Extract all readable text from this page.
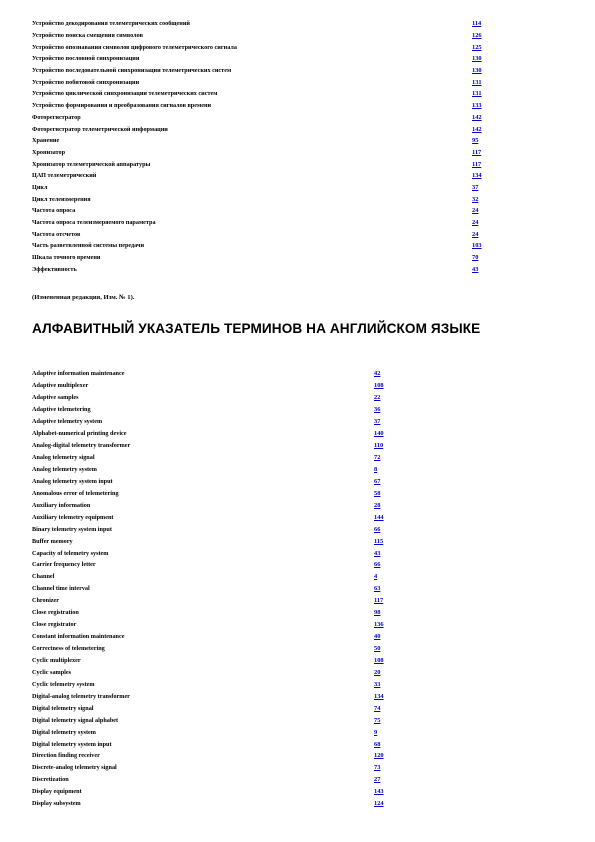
Устройство декодирования телеметрических сообщений	114
Устройство поиска смещения символов	126
Устройство опознавания символов цифрового телеметрического сигнала	125
Устройство пословной синхронизации	130
Устройство последовательной синхронизации телеметрических систем	130
Устройство побитовой синхронизации	131
Устройство циклической синхронизации телеметрических систем	131
Устройство формирования и преобразования сигналов времени	133
Фоторегистратор	142
Фоторегистратор телеметрической информации	142
Хранение	95
Хронизатор	117
Хронизатор телеметрической аппаратуры	117
ЦАП телеметрический	134
Цикл	37
Цикл телеизмерения	32
Частота опроса	24
Частота опроса телеизмеряемого параметра	24
Частота отсчетов	24
Часть разветвленной системы передачи	103
Шкала точного времени	70
Эффективность	43
(Измененная редакция, Изм. № 1).
АЛФАВИТНЫЙ УКАЗАТЕЛЬ ТЕРМИНОВ НА АНГЛИЙСКОМ ЯЗЫКЕ
Adaptive information maintenance	42
Adaptive multiplexer	108
Adaptive samples	22
Adaptive telemetering	36
Adaptive telemetry system	37
Alphabet-numerical printing device	140
Analog-digital telemetry transformer	110
Analog telemetry signal	72
Analog telemetry system	8
Analog telemetry system input	67
Anomalous error of telemetering	58
Auxiliary information	28
Auxiliary telemetry equipment	144
Binary telemetry system input	66
Buffer memory	115
Capacity of telemetry system	43
Carrier frequency letter	66
Channel	4
Channel time interval	63
Chronizer	117
Close registration	98
Close registrator	136
Constant information maintenance	40
Correctness of telemetering	50
Cyclic multiplexer	108
Cyclic samples	20
Cyclic telemetry system	33
Digital-analog telemetry transformer	134
Digital telemetry signal	74
Digital telemetry signal alphabet	75
Digital telemetry system	9
Digital telemetry system input	68
Direction finding receiver	120
Discrete-analog telemetry signal	73
Discretization	27
Display equipment	143
Display subsystem	124
